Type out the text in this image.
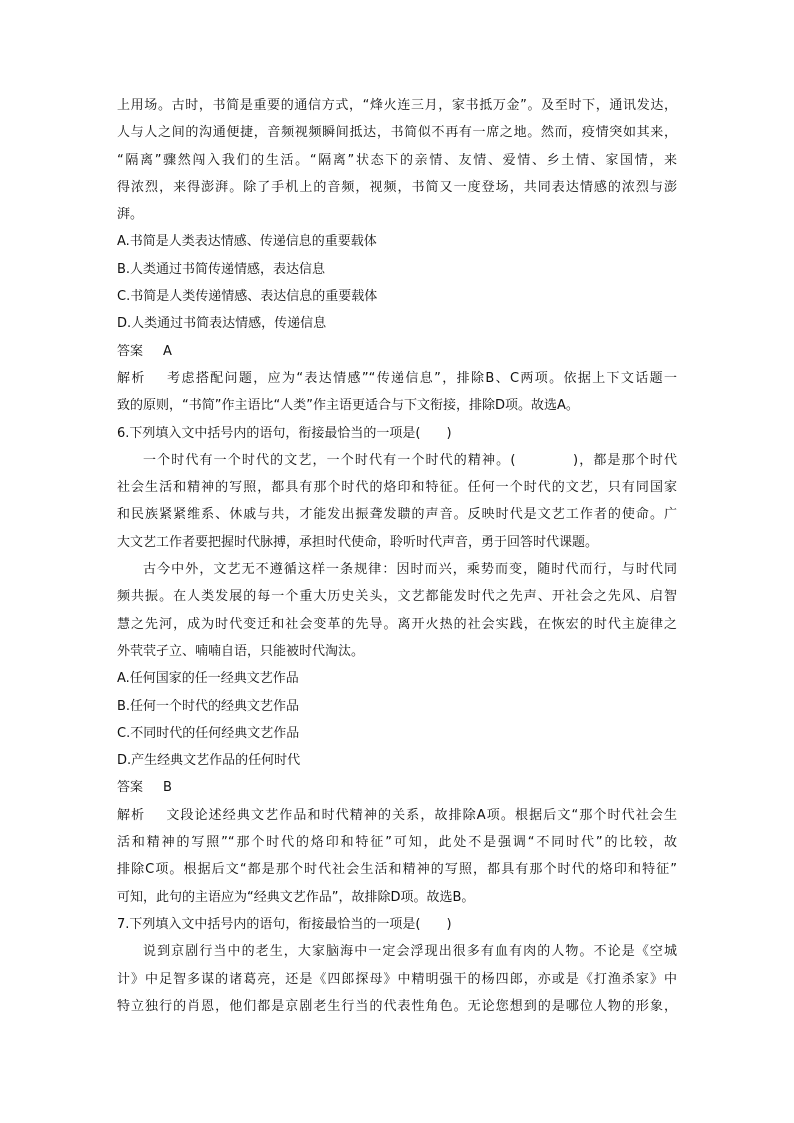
上用场。古时，书简是重要的通信方式，“烽火连三月，家书抵万金”。及至时下，通讯发达，
人与人之间的沟通便捷，音频视频瞬间抵达，书简似不再有一席之地。然而，疫情突如其来，
“隔离”骤然闯入我们的生活。“隔离”状态下的亲情、友情、爱情、乡土情、家国情，来
得浓烈，来得澎湃。除了手机上的音频，视频，书简又一度登场，共同表达情感的浓烈与澎
湃。
A.书简是人类表达情感、传递信息的重要载体
B.人类通过书简传递情感，表达信息
C.书简是人类传递情感、表达信息的重要载体
D.人类通过书简表达情感，传递信息
答案 A
解析 考虑搭配问题，应为“表达情感”“传递信息”，排除B、C两项。依据上下文话题一
致的原则，“书简”作主语比“人类”作主语更适合与下文衔接，排除D项。故选A。
6.下列填入文中括号内的语句，衔接最恰当的一项是(　　)
一个时代有一个时代的文艺，一个时代有一个时代的精神。(　　　　)，都是那个时代
社会生活和精神的写照，都具有那个时代的烙印和特征。任何一个时代的文艺，只有同国家
和民族紧紧维系、休戚与共，才能发出振聋发聩的声音。反映时代是文艺工作者的使命。广
大文艺工作者要把握时代脉搏，承担时代使命，聆听时代声音，勇于回答时代课题。
古今中外，文艺无不遵循这样一条规律：因时而兴，乘势而变，随时代而行，与时代同
频共振。在人类发展的每一个重大历史关头，文艺都能发时代之先声、开社会之先风、启智
慧之先河，成为时代变迁和社会变革的先导。离开火热的社会实践，在恢宏的时代主旋律之
外茕茕孑立、喃喃自语，只能被时代淘汰。
A.任何国家的任一经典文艺作品
B.任何一个时代的经典文艺作品
C.不同时代的任何经典文艺作品
D.产生经典文艺作品的任何时代
答案 B
解析 文段论述经典文艺作品和时代精神的关系，故排除A项。根据后文“那个时代社会生
活和精神的写照”“那个时代的烙印和特征”可知，此处不是强调“不同时代”的比较，故
排除C项。根据后文“都是那个时代社会生活和精神的写照，都具有那个时代的烙印和特征”
可知，此句的主语应为“经典文艺作品”，故排除D项。故选B。
7.下列填入文中括号内的语句，衔接最恰当的一项是(　　)
说到京剧行当中的老生，大家脑海中一定会浮现出很多有血有肉的人物。不论是《空城
计》中足智多谋的诸葛亮，还是《四郎探母》中精明强干的杨四郎，亦或是《打渔杀家》中
特立独行的肖恩，他们都是京剧老生行当的代表性角色。无论您想到的是哪位人物的形象，
